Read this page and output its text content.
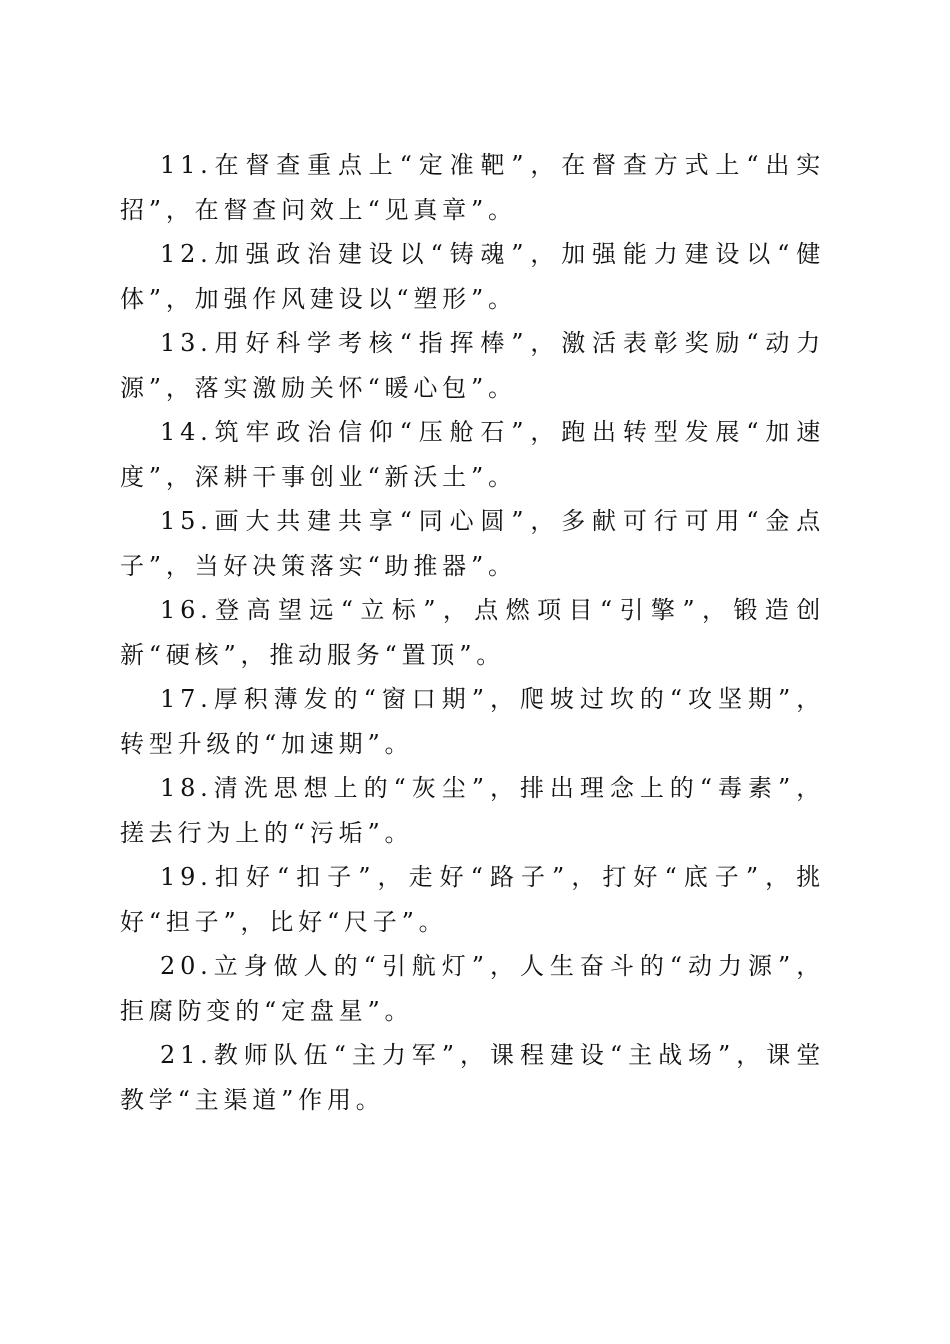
11.在督查重点上“定准靶”，在督查方式上“出实招”，在督查问效上“见真章”。

12.加强政治建设以“铸魂”，加强能力建设以“健体”，加强作风建设以“塑形”。

13.用好科学考核“指挥棒”，激活表彰奖励“动力源”，落实激励关怀“暖心包”。

14.筑牢政治信仰“压舱石”，跑出转型发展“加速度”，深耕干事创业“新沃土”。

15.画大共建共享“同心圆”，多献可行可用“金点子”，当好决策落实“助推器”。

16.登高望远“立标”，点燃项目“引擎”，锻造创新“硬核”，推动服务“置顶”。

17.厚积薄发的“窗口期”，爬坡过坎的“攻坚期”，转型升级的“加速期”。

18.清洗思想上的“灰尘”，排出理念上的“毒素”，搓去行为上的“污垢”。

19.扣好“扣子”，走好“路子”，打好“底子”，挑好“担子”，比好“尺子”。

20.立身做人的“引航灯”，人生奋斗的“动力源”，拒腐防变的“定盘星”。

21.教师队伍“主力军”，课程建设“主战场”，课堂教学“主渠道”作用。
